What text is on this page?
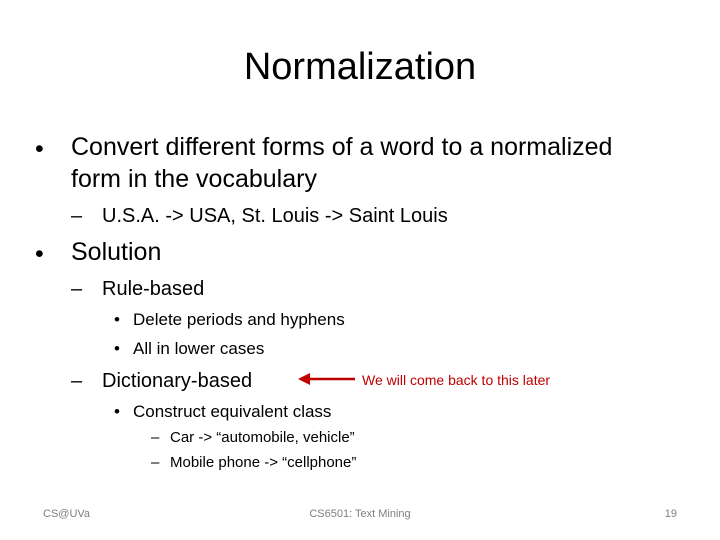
Normalization
• Convert different forms of a word to a normalized
form in the vocabulary
– U.S.A. -> USA, St. Louis -> Saint Louis
• Solution
– Rule-based
• Delete periods and hyphens
• All in lower cases
– Dictionary-based	We will come back to this later
• Construct equivalent class
– Car -> “automobile, vehicle”
– Mobile phone -> “cellphone”
CS@UVa	CS6501: Text Mining	19
